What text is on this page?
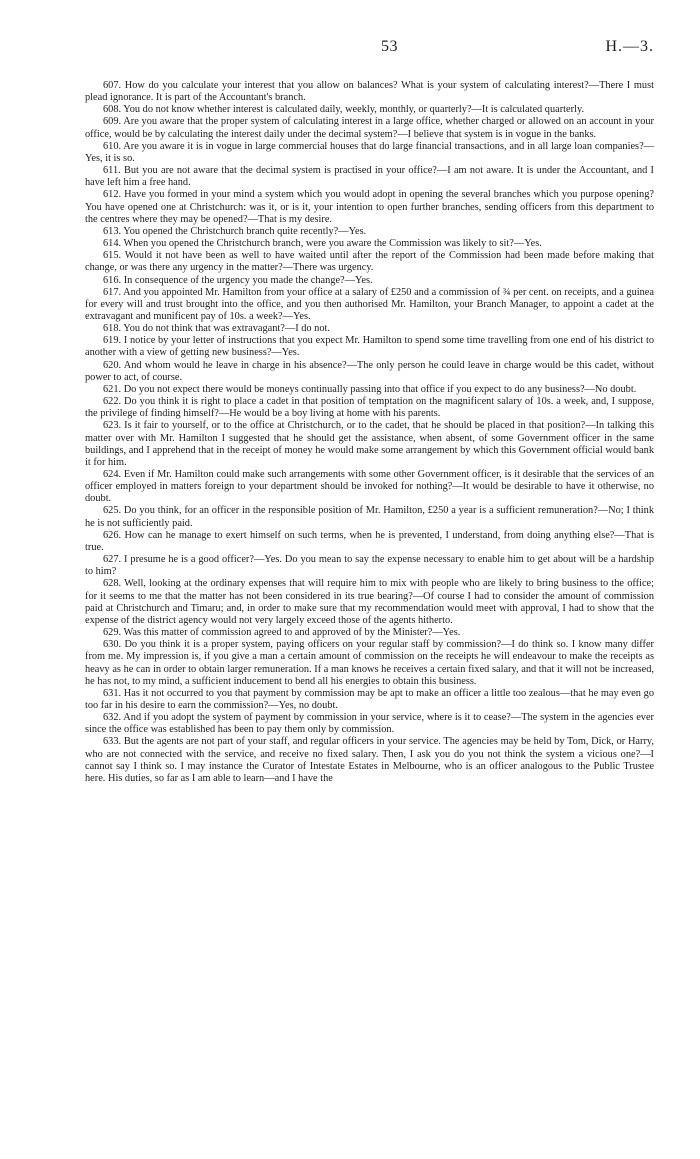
53	H.—3.

607. How do you calculate your interest that you allow on balances? What is your system of calculating interest?—There I must plead ignorance. It is part of the Accountant's branch.

608. You do not know whether interest is calculated daily, weekly, monthly, or quarterly?—It is calculated quarterly.

609. Are you aware that the proper system of calculating interest in a large office, whether charged or allowed on an account in your office, would be by calculating the interest daily under the decimal system?—I believe that system is in vogue in the banks.

610. Are you aware it is in vogue in large commercial houses that do large financial transactions, and in all large loan companies?—Yes, it is so.

611. But you are not aware that the decimal system is practised in your office?—I am not aware. It is under the Accountant, and I have left him a free hand.

612. Have you formed in your mind a system which you would adopt in opening the several branches which you purpose opening? You have opened one at Christchurch: was it, or is it, your intention to open further branches, sending officers from this department to the centres where they may be opened?—That is my desire.

613. You opened the Christchurch branch quite recently?—Yes.

614. When you opened the Christchurch branch, were you aware the Commission was likely to sit?—Yes.

615. Would it not have been as well to have waited until after the report of the Commission had been made before making that change, or was there any urgency in the matter?—There was urgency.

616. In consequence of the urgency you made the change?—Yes.

617. And you appointed Mr. Hamilton from your office at a salary of £250 and a commission of ¾ per cent. on receipts, and a guinea for every will and trust brought into the office, and you then authorised Mr. Hamilton, your Branch Manager, to appoint a cadet at the extravagant and munificent pay of 10s. a week?—Yes.

618. You do not think that was extravagant?—I do not.

619. I notice by your letter of instructions that you expect Mr. Hamilton to spend some time travelling from one end of his district to another with a view of getting new business?—Yes.

620. And whom would he leave in charge in his absence?—The only person he could leave in charge would be this cadet, without power to act, of course.

621. Do you not expect there would be moneys continually passing into that office if you expect to do any business?—No doubt.

622. Do you think it is right to place a cadet in that position of temptation on the magnificent salary of 10s. a week, and, I suppose, the privilege of finding himself?—He would be a boy living at home with his parents.

623. Is it fair to yourself, or to the office at Christchurch, or to the cadet, that he should be placed in that position?—In talking this matter over with Mr. Hamilton I suggested that he should get the assistance, when absent, of some Government officer in the same buildings, and I apprehend that in the receipt of money he would make some arrangement by which this Government official would bank it for him.

624. Even if Mr. Hamilton could make such arrangements with some other Government officer, is it desirable that the services of an officer employed in matters foreign to your department should be invoked for nothing?—It would be desirable to have it otherwise, no doubt.

625. Do you think, for an officer in the responsible position of Mr. Hamilton, £250 a year is a sufficient remuneration?—No; I think he is not sufficiently paid.

626. How can he manage to exert himself on such terms, when he is prevented, I understand, from doing anything else?—That is true.

627. I presume he is a good officer?—Yes. Do you mean to say the expense necessary to enable him to get about will be a hardship to him?

628. Well, looking at the ordinary expenses that will require him to mix with people who are likely to bring business to the office; for it seems to me that the matter has not been considered in its true bearing?—Of course I had to consider the amount of commission paid at Christchurch and Timaru; and, in order to make sure that my recommendation would meet with approval, I had to show that the expense of the district agency would not very largely exceed those of the agents hitherto.

629. Was this matter of commission agreed to and approved of by the Minister?—Yes.

630. Do you think it is a proper system, paying officers on your regular staff by commission?—I do think so. I know many differ from me. My impression is, if you give a man a certain amount of commission on the receipts he will endeavour to make the receipts as heavy as he can in order to obtain larger remuneration. If a man knows he receives a certain fixed salary, and that it will not be increased, he has not, to my mind, a sufficient inducement to bend all his energies to obtain this business.

631. Has it not occurred to you that payment by commission may be apt to make an officer a little too zealous—that he may even go too far in his desire to earn the commission?—Yes, no doubt.

632. And if you adopt the system of payment by commission in your service, where is it to cease?—The system in the agencies ever since the office was established has been to pay them only by commission.

633. But the agents are not part of your staff, and regular officers in your service. The agencies may be held by Tom, Dick, or Harry, who are not connected with the service, and receive no fixed salary. Then, I ask you do you not think the system a vicious one?—I cannot say I think so. I may instance the Curator of Intestate Estates in Melbourne, who is an officer analogous to the Public Trustee here. His duties, so far as I am able to learn—and I have the
